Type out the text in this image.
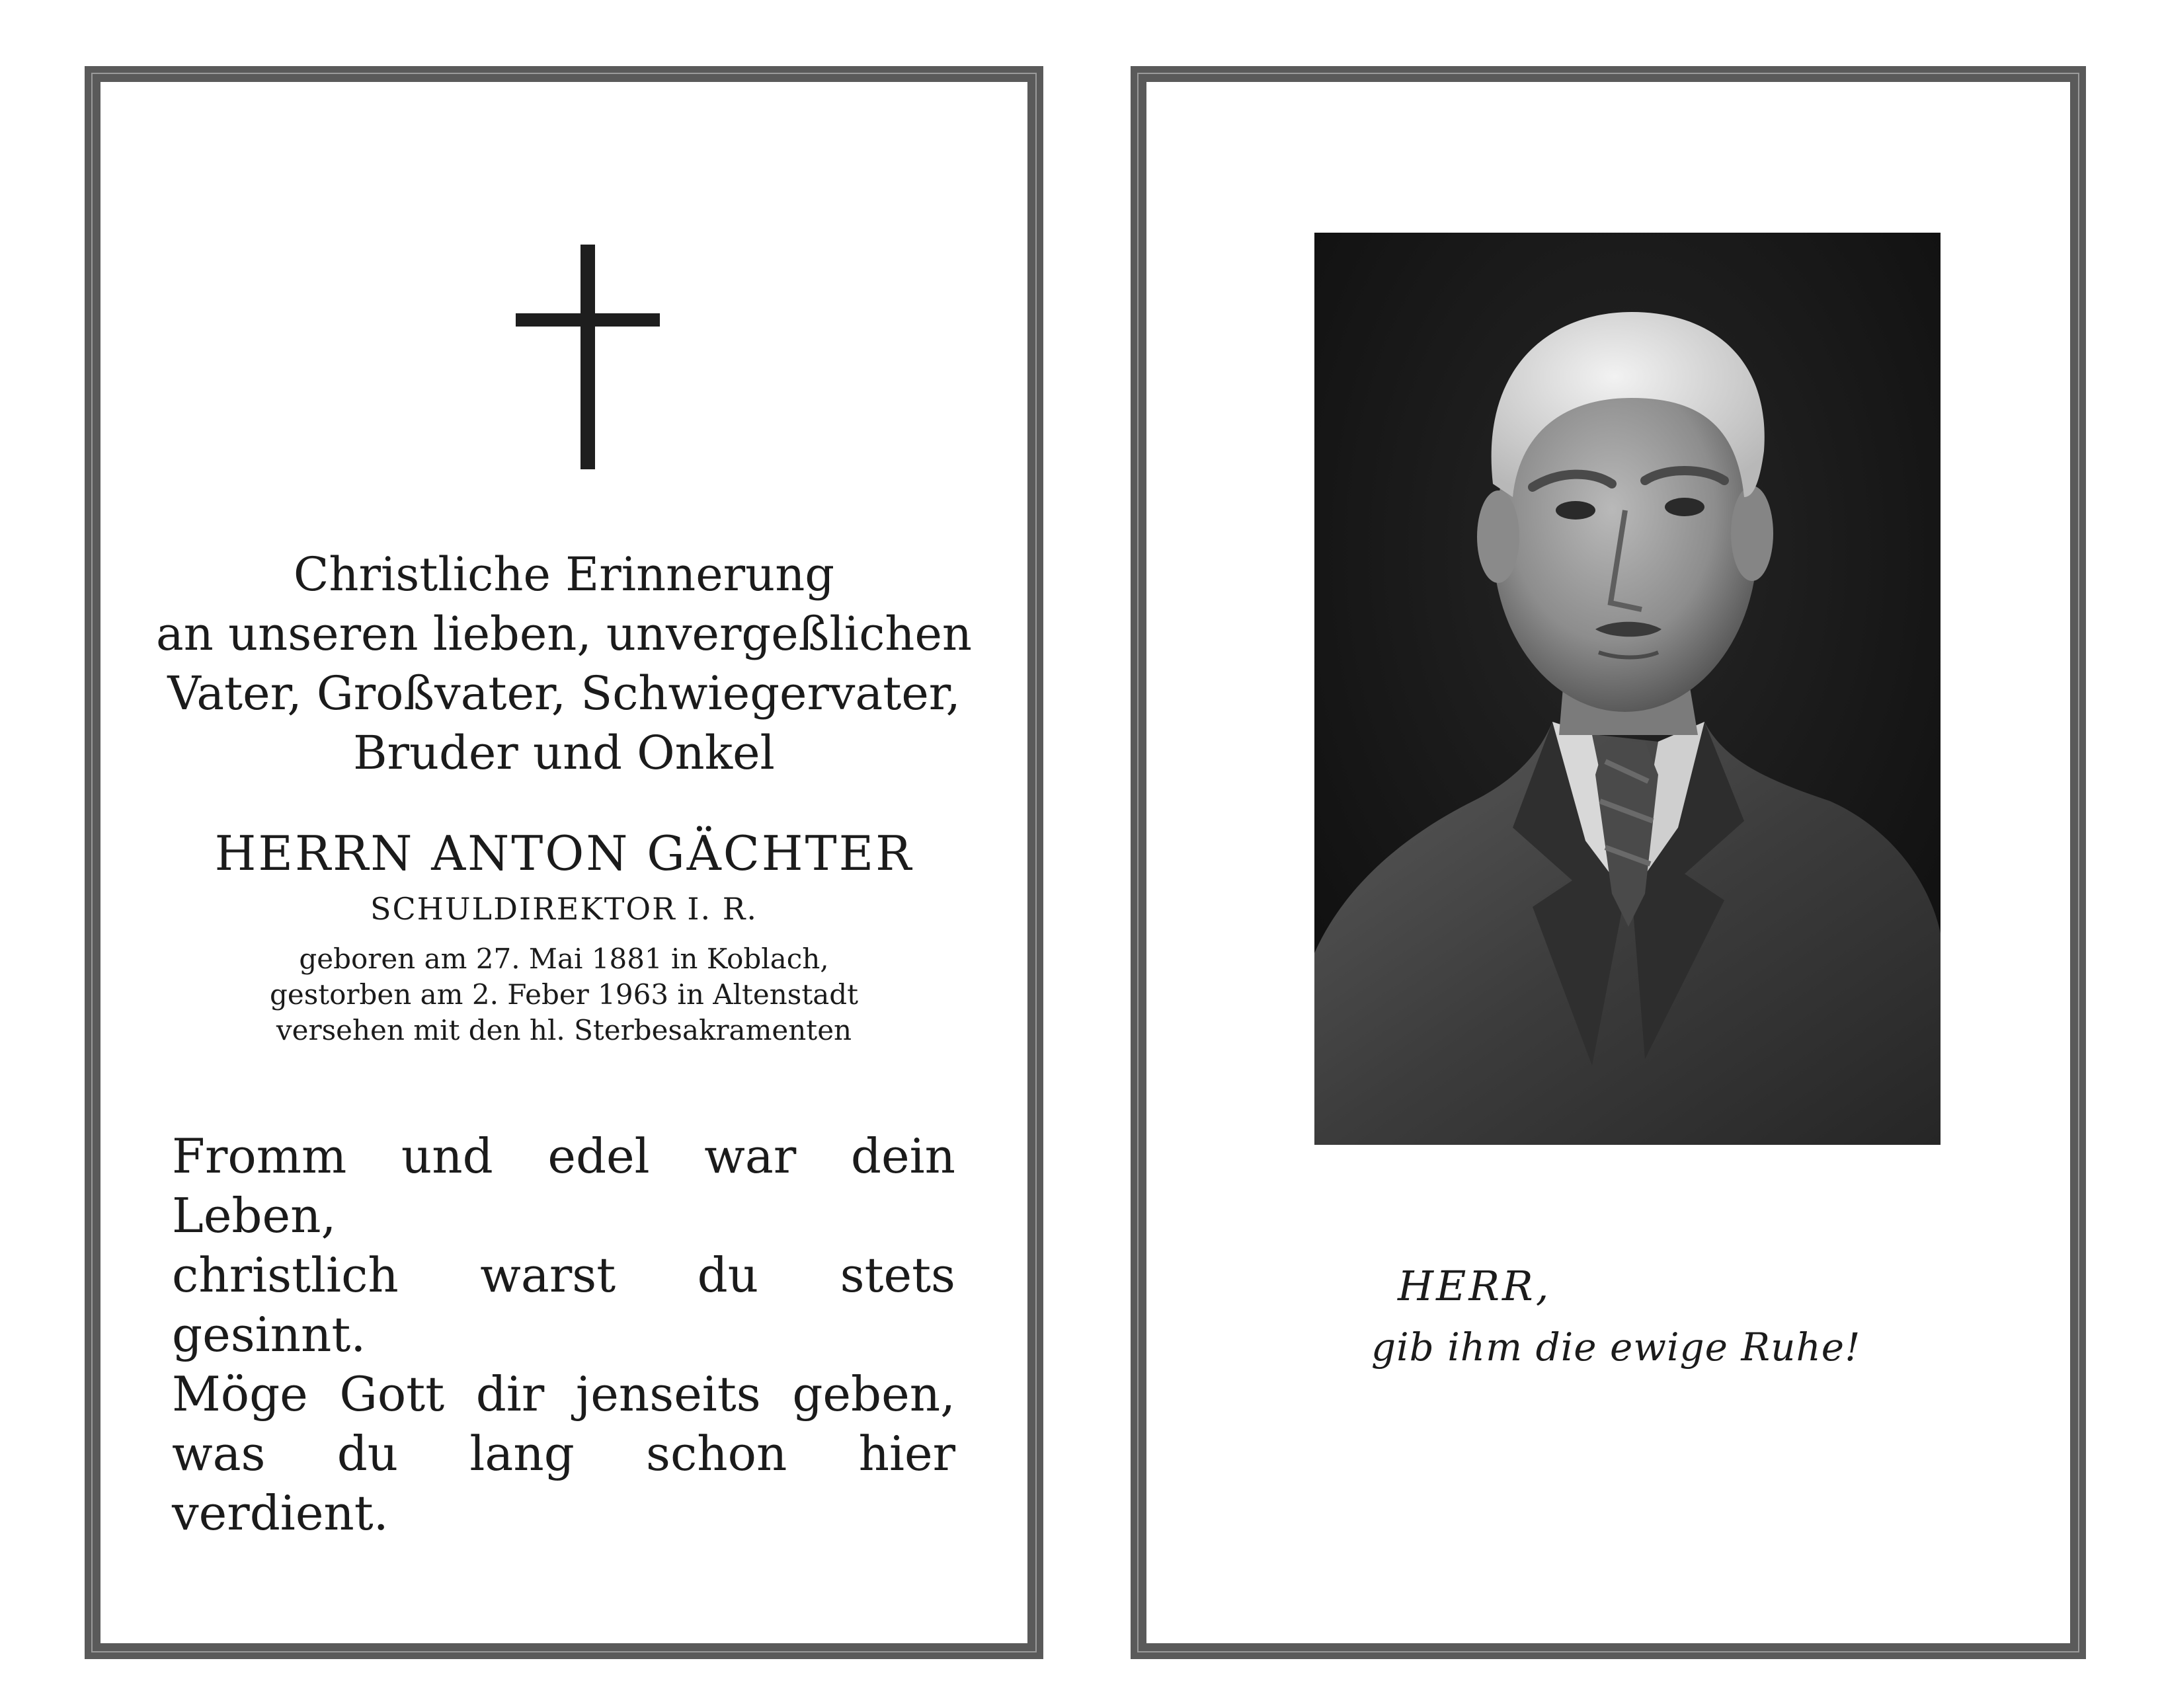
Christliche Erinnerung
an unseren lieben, unvergeßlichen
Vater, Großvater, Schwiegervater,
Bruder und Onkel
HERRN ANTON GÄCHTER
SCHULDIREKTOR I. R.
geboren am 27. Mai 1881 in Koblach,
gestorben am 2. Feber 1963 in Altenstadt
versehen mit den hl. Sterbesakramenten
Fromm und edel war dein Leben,
christlich warst du stets gesinnt.
Möge Gott dir jenseits geben,
was du lang schon hier verdient.
HERR,
gib ihm die ewige Ruhe!
